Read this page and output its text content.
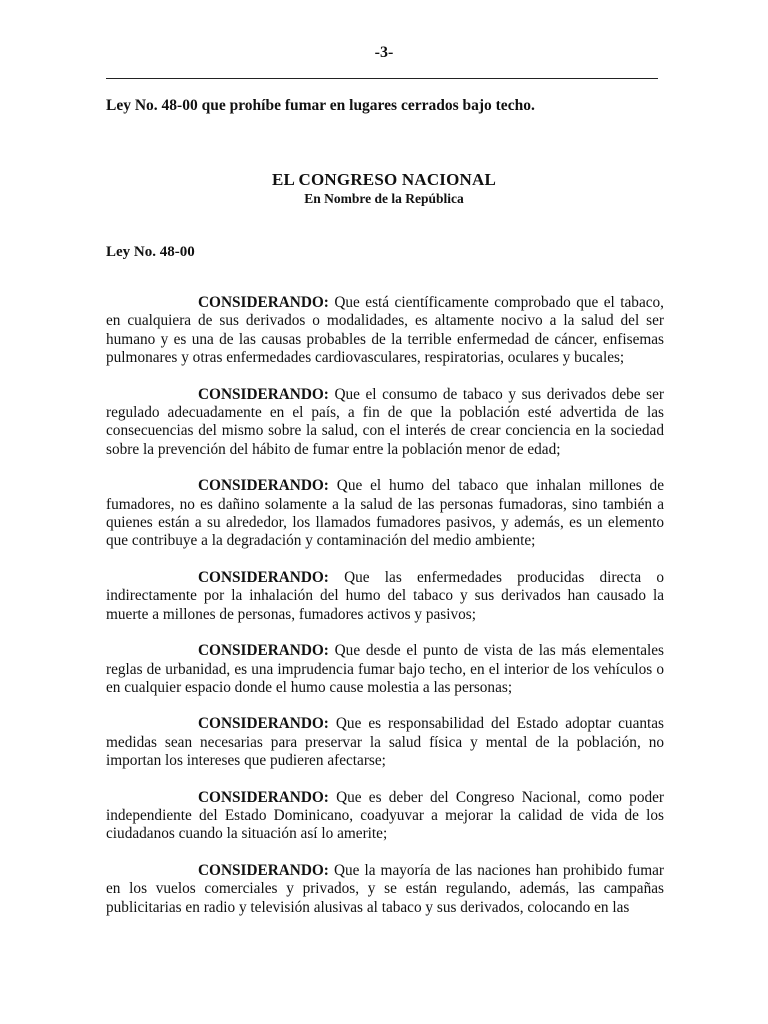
-3-
Ley No. 48-00 que prohíbe fumar en lugares cerrados bajo techo.
EL CONGRESO NACIONAL
En Nombre de la República
Ley No. 48-00

CONSIDERANDO: Que está científicamente comprobado que el tabaco, en cualquiera de sus derivados o modalidades, es altamente nocivo a la salud del ser humano y es una de las causas probables de la terrible enfermedad de cáncer, enfisemas pulmonares y otras enfermedades cardiovasculares, respiratorias, oculares y bucales;

CONSIDERANDO: Que el consumo de tabaco y sus derivados debe ser regulado adecuadamente en el país, a fin de que la población esté advertida de las consecuencias del mismo sobre la salud, con el interés de crear conciencia en la sociedad sobre la prevención del hábito de fumar entre la población menor de edad;

CONSIDERANDO: Que el humo del tabaco que inhalan millones de fumadores, no es dañino solamente a la salud de las personas fumadoras, sino también a quienes están a su alrededor, los llamados fumadores pasivos, y además, es un elemento que contribuye a la degradación y contaminación del medio ambiente;

CONSIDERANDO: Que las enfermedades producidas directa o indirectamente por la inhalación del humo del tabaco y sus derivados han causado la muerte a millones de personas, fumadores activos y pasivos;

CONSIDERANDO: Que desde el punto de vista de las más elementales reglas de urbanidad, es una imprudencia fumar bajo techo, en el interior de los vehículos o en cualquier espacio donde el humo cause molestia a las personas;

CONSIDERANDO: Que es responsabilidad del Estado adoptar cuantas medidas sean necesarias para preservar la salud física y mental de la población, no importan los intereses que pudieren afectarse;

CONSIDERANDO: Que es deber del Congreso Nacional, como poder independiente del Estado Dominicano, coadyuvar a mejorar la calidad de vida de los ciudadanos cuando la situación así lo amerite;

CONSIDERANDO: Que la mayoría de las naciones han prohibido fumar en los vuelos comerciales y privados, y se están regulando, además, las campañas publicitarias en radio y televisión alusivas al tabaco y sus derivados, colocando en las
